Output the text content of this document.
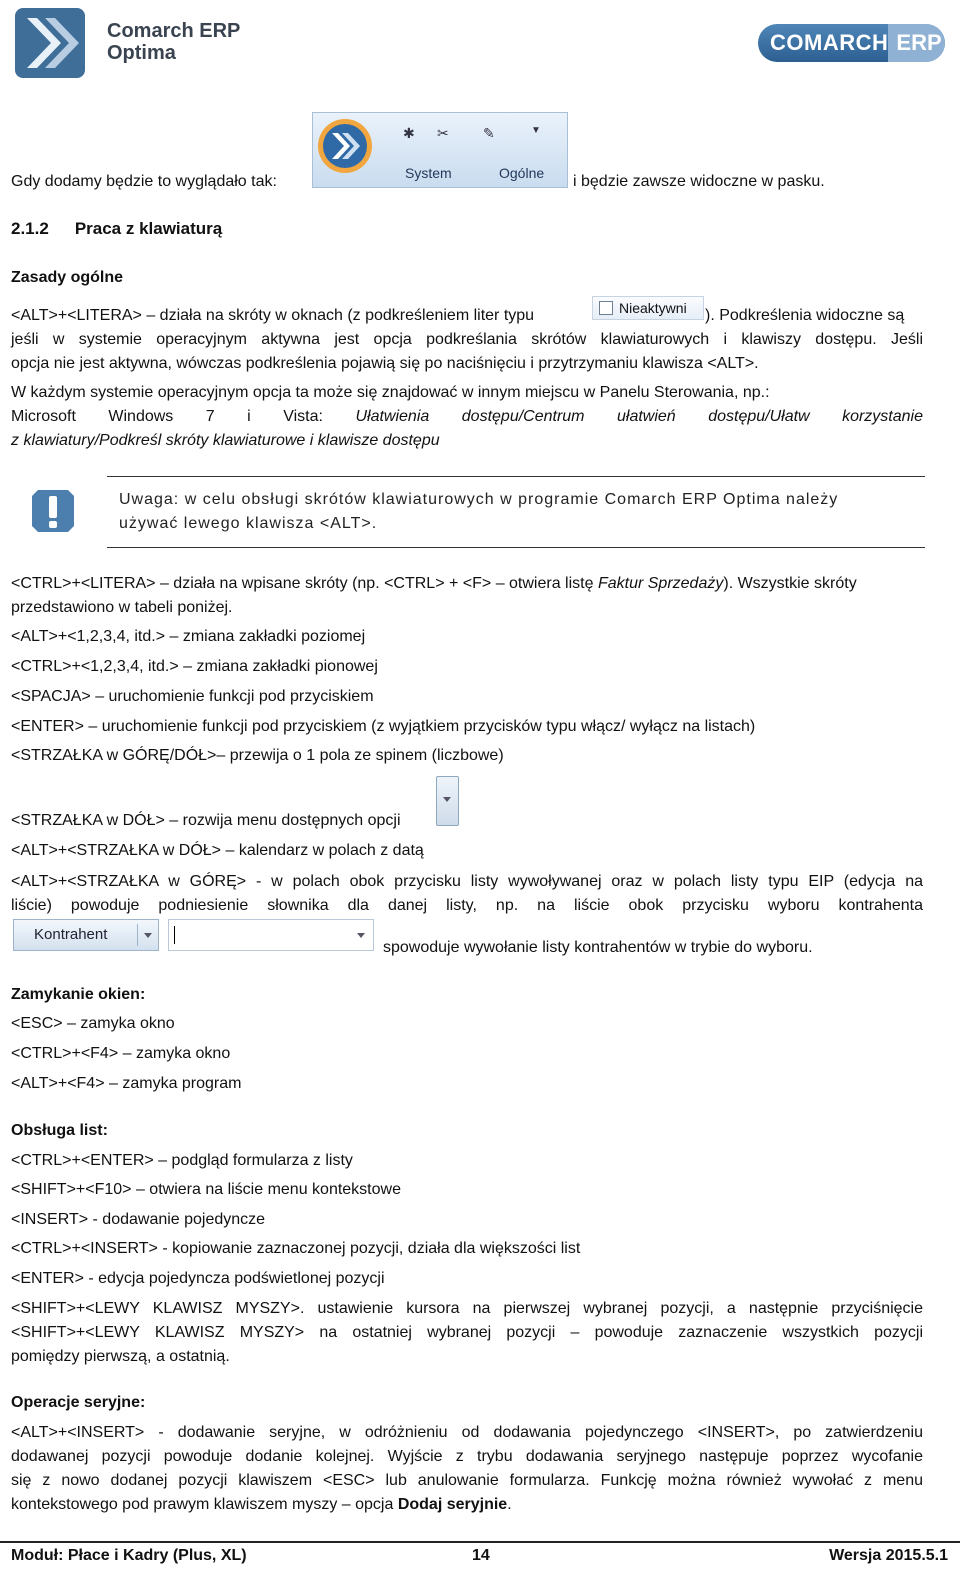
Comarch ERP
Optima	COMARCH ERP
Gdy dodamy będzie to wyglądało tak:
✱ ✂ ✎	▼
System	Ogólne i będzie zawsze widoczne w pasku.
2.1.2 Praca z klawiaturą
Zasady ogólne
<ALT>+<LITERA> – działa na skróty w oknach (z podkreśleniem liter typu	Nieaktywni ). Podkreślenia widoczne są
jeśli w systemie operacyjnym aktywna jest opcja podkreślania skrótów klawiaturowych i klawiszy dostępu. Jeśli
opcja nie jest aktywna, wówczas podkreślenia pojawią się po naciśnięciu i przytrzymaniu klawisza <ALT>.
W każdym systemie operacyjnym opcja ta może się znajdować w innym miejscu w Panelu Sterowania, np.:
Microsoft Windows 7 i Vista: Ułatwienia dostępu/Centrum ułatwień dostępu/Ułatw korzystanie
z klawiatury/Podkreśl skróty klawiaturowe i klawisze dostępu
Uwaga: w celu obsługi skrótów klawiaturowych w programie Comarch ERP Optima należy
używać lewego klawisza <ALT>.
<CTRL>+<LITERA> – działa na wpisane skróty (np. <CTRL> + <F> – otwiera listę Faktur Sprzedaży). Wszystkie skróty
przedstawiono w tabeli poniżej.
<ALT>+<1,2,3,4, itd.> – zmiana zakładki poziomej
<CTRL>+<1,2,3,4, itd.> – zmiana zakładki pionowej
<SPACJA> – uruchomienie funkcji pod przyciskiem
<ENTER> – uruchomienie funkcji pod przyciskiem (z wyjątkiem przycisków typu włącz/ wyłącz na listach)
<STRZAŁKA w GÓRĘ/DÓŁ>– przewija o 1 pola ze spinem (liczbowe)
<STRZAŁKA w DÓŁ> – rozwija menu dostępnych opcji
<ALT>+<STRZAŁKA w DÓŁ> – kalendarz w polach z datą
<ALT>+<STRZAŁKA w GÓRĘ> - w polach obok przycisku listy wywoływanej oraz w polach listy typu EIP (edycja na
liście) powoduje podniesienie słownika dla danej listy, np. na liście obok przycisku wyboru kontrahenta
Kontrahent
spowoduje wywołanie listy kontrahentów w trybie do wyboru.
Zamykanie okien:
<ESC> – zamyka okno
<CTRL>+<F4> – zamyka okno
<ALT>+<F4> – zamyka program
Obsługa list:
<CTRL>+<ENTER> – podgląd formularza z listy
<SHIFT>+<F10> – otwiera na liście menu kontekstowe
<INSERT> - dodawanie pojedyncze
<CTRL>+<INSERT> - kopiowanie zaznaczonej pozycji, działa dla większości list
<ENTER> - edycja pojedyncza podświetlonej pozycji
<SHIFT>+<LEWY KLAWISZ MYSZY>. ustawienie kursora na pierwszej wybranej pozycji, a następnie przyciśnięcie
<SHIFT>+<LEWY KLAWISZ MYSZY> na ostatniej wybranej pozycji – powoduje zaznaczenie wszystkich pozycji
pomiędzy pierwszą, a ostatnią.
Operacje seryjne:
<ALT>+<INSERT> - dodawanie seryjne, w odróżnieniu od dodawania pojedynczego <INSERT>, po zatwierdzeniu
dodawanej pozycji powoduje dodanie kolejnej. Wyjście z trybu dodawania seryjnego następuje poprzez wycofanie
się z nowo dodanej pozycji klawiszem <ESC> lub anulowanie formularza. Funkcję można również wywołać z menu
kontekstowego pod prawym klawiszem myszy – opcja Dodaj seryjnie.
Moduł: Płace i Kadry (Plus, XL)	14	Wersja 2015.5.1
